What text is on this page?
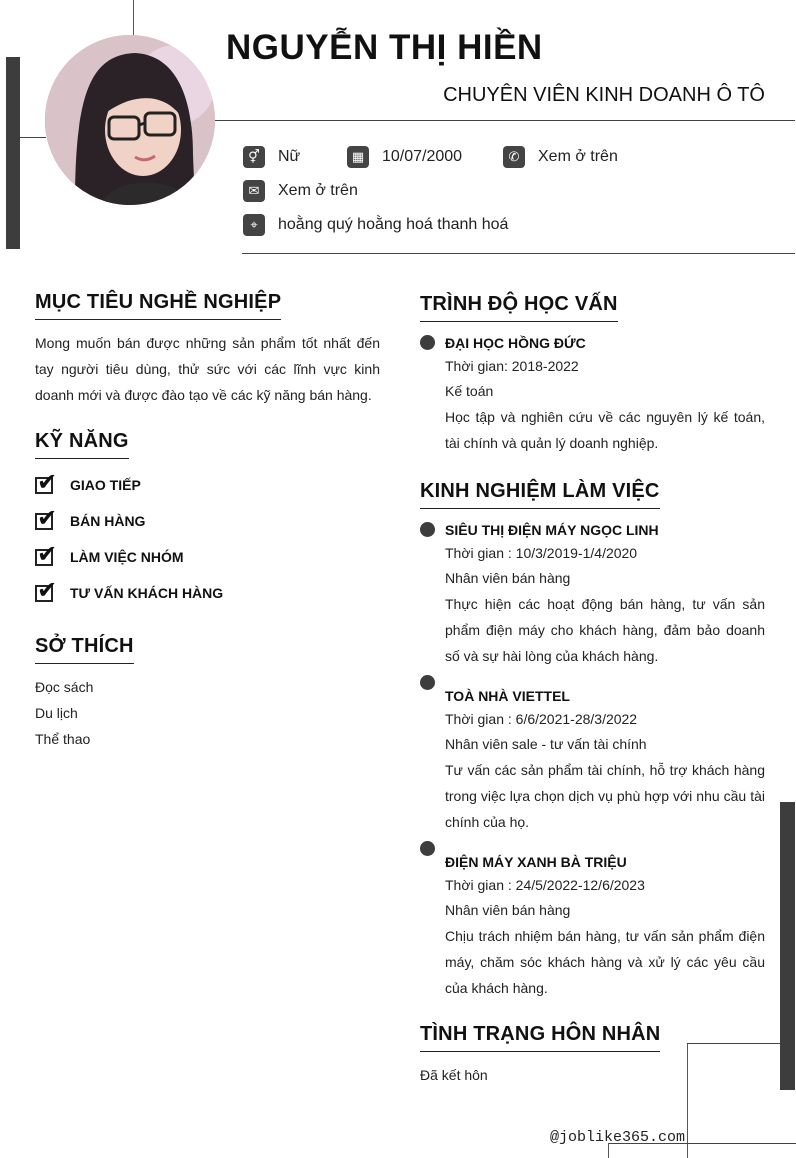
NGUYỄN THỊ HIỀN
CHUYÊN VIÊN KINH DOANH Ô TÔ
⚥	Nữ	▦	10/07/2000	✆	Xem ở trên
✉	Xem ở trên
⌖	hoằng quý hoằng hoá thanh hoá
MỤC TIÊU NGHỀ NGHIỆP
Mong muốn bán được những sản phẩm tốt nhất đến tay người tiêu dùng, thử sức với các lĩnh vực kinh doanh mới và được đào tạo về các kỹ năng bán hàng.
KỸ NĂNG
✔ GIAO TIẾP
✔ BÁN HÀNG
✔ LÀM VIỆC NHÓM
✔ TƯ VẤN KHÁCH HÀNG
SỞ THÍCH
Đọc sách
Du lịch
Thể thao
TRÌNH ĐỘ HỌC VẤN
ĐẠI HỌC HỒNG ĐỨC
Thời gian: 2018-2022
Kế toán
Học tập và nghiên cứu về các nguyên lý kế toán, tài chính và quản lý doanh nghiệp.
KINH NGHIỆM LÀM VIỆC
SIÊU THỊ ĐIỆN MÁY NGỌC LINH
Thời gian : 10/3/2019-1/4/2020
Nhân viên bán hàng
Thực hiện các hoạt động bán hàng, tư vấn sản phẩm điện máy cho khách hàng, đảm bảo doanh số và sự hài lòng của khách hàng.
TOÀ NHÀ VIETTEL
Thời gian : 6/6/2021-28/3/2022
Nhân viên sale - tư vấn tài chính
Tư vấn các sản phẩm tài chính, hỗ trợ khách hàng trong việc lựa chọn dịch vụ phù hợp với nhu cầu tài chính của họ.
ĐIỆN MÁY XANH BÀ TRIỆU
Thời gian : 24/5/2022-12/6/2023
Nhân viên bán hàng
Chịu trách nhiệm bán hàng, tư vấn sản phẩm điện máy, chăm sóc khách hàng và xử lý các yêu cầu của khách hàng.
TÌNH TRẠNG HÔN NHÂN
Đã kết hôn
@joblike365.com
